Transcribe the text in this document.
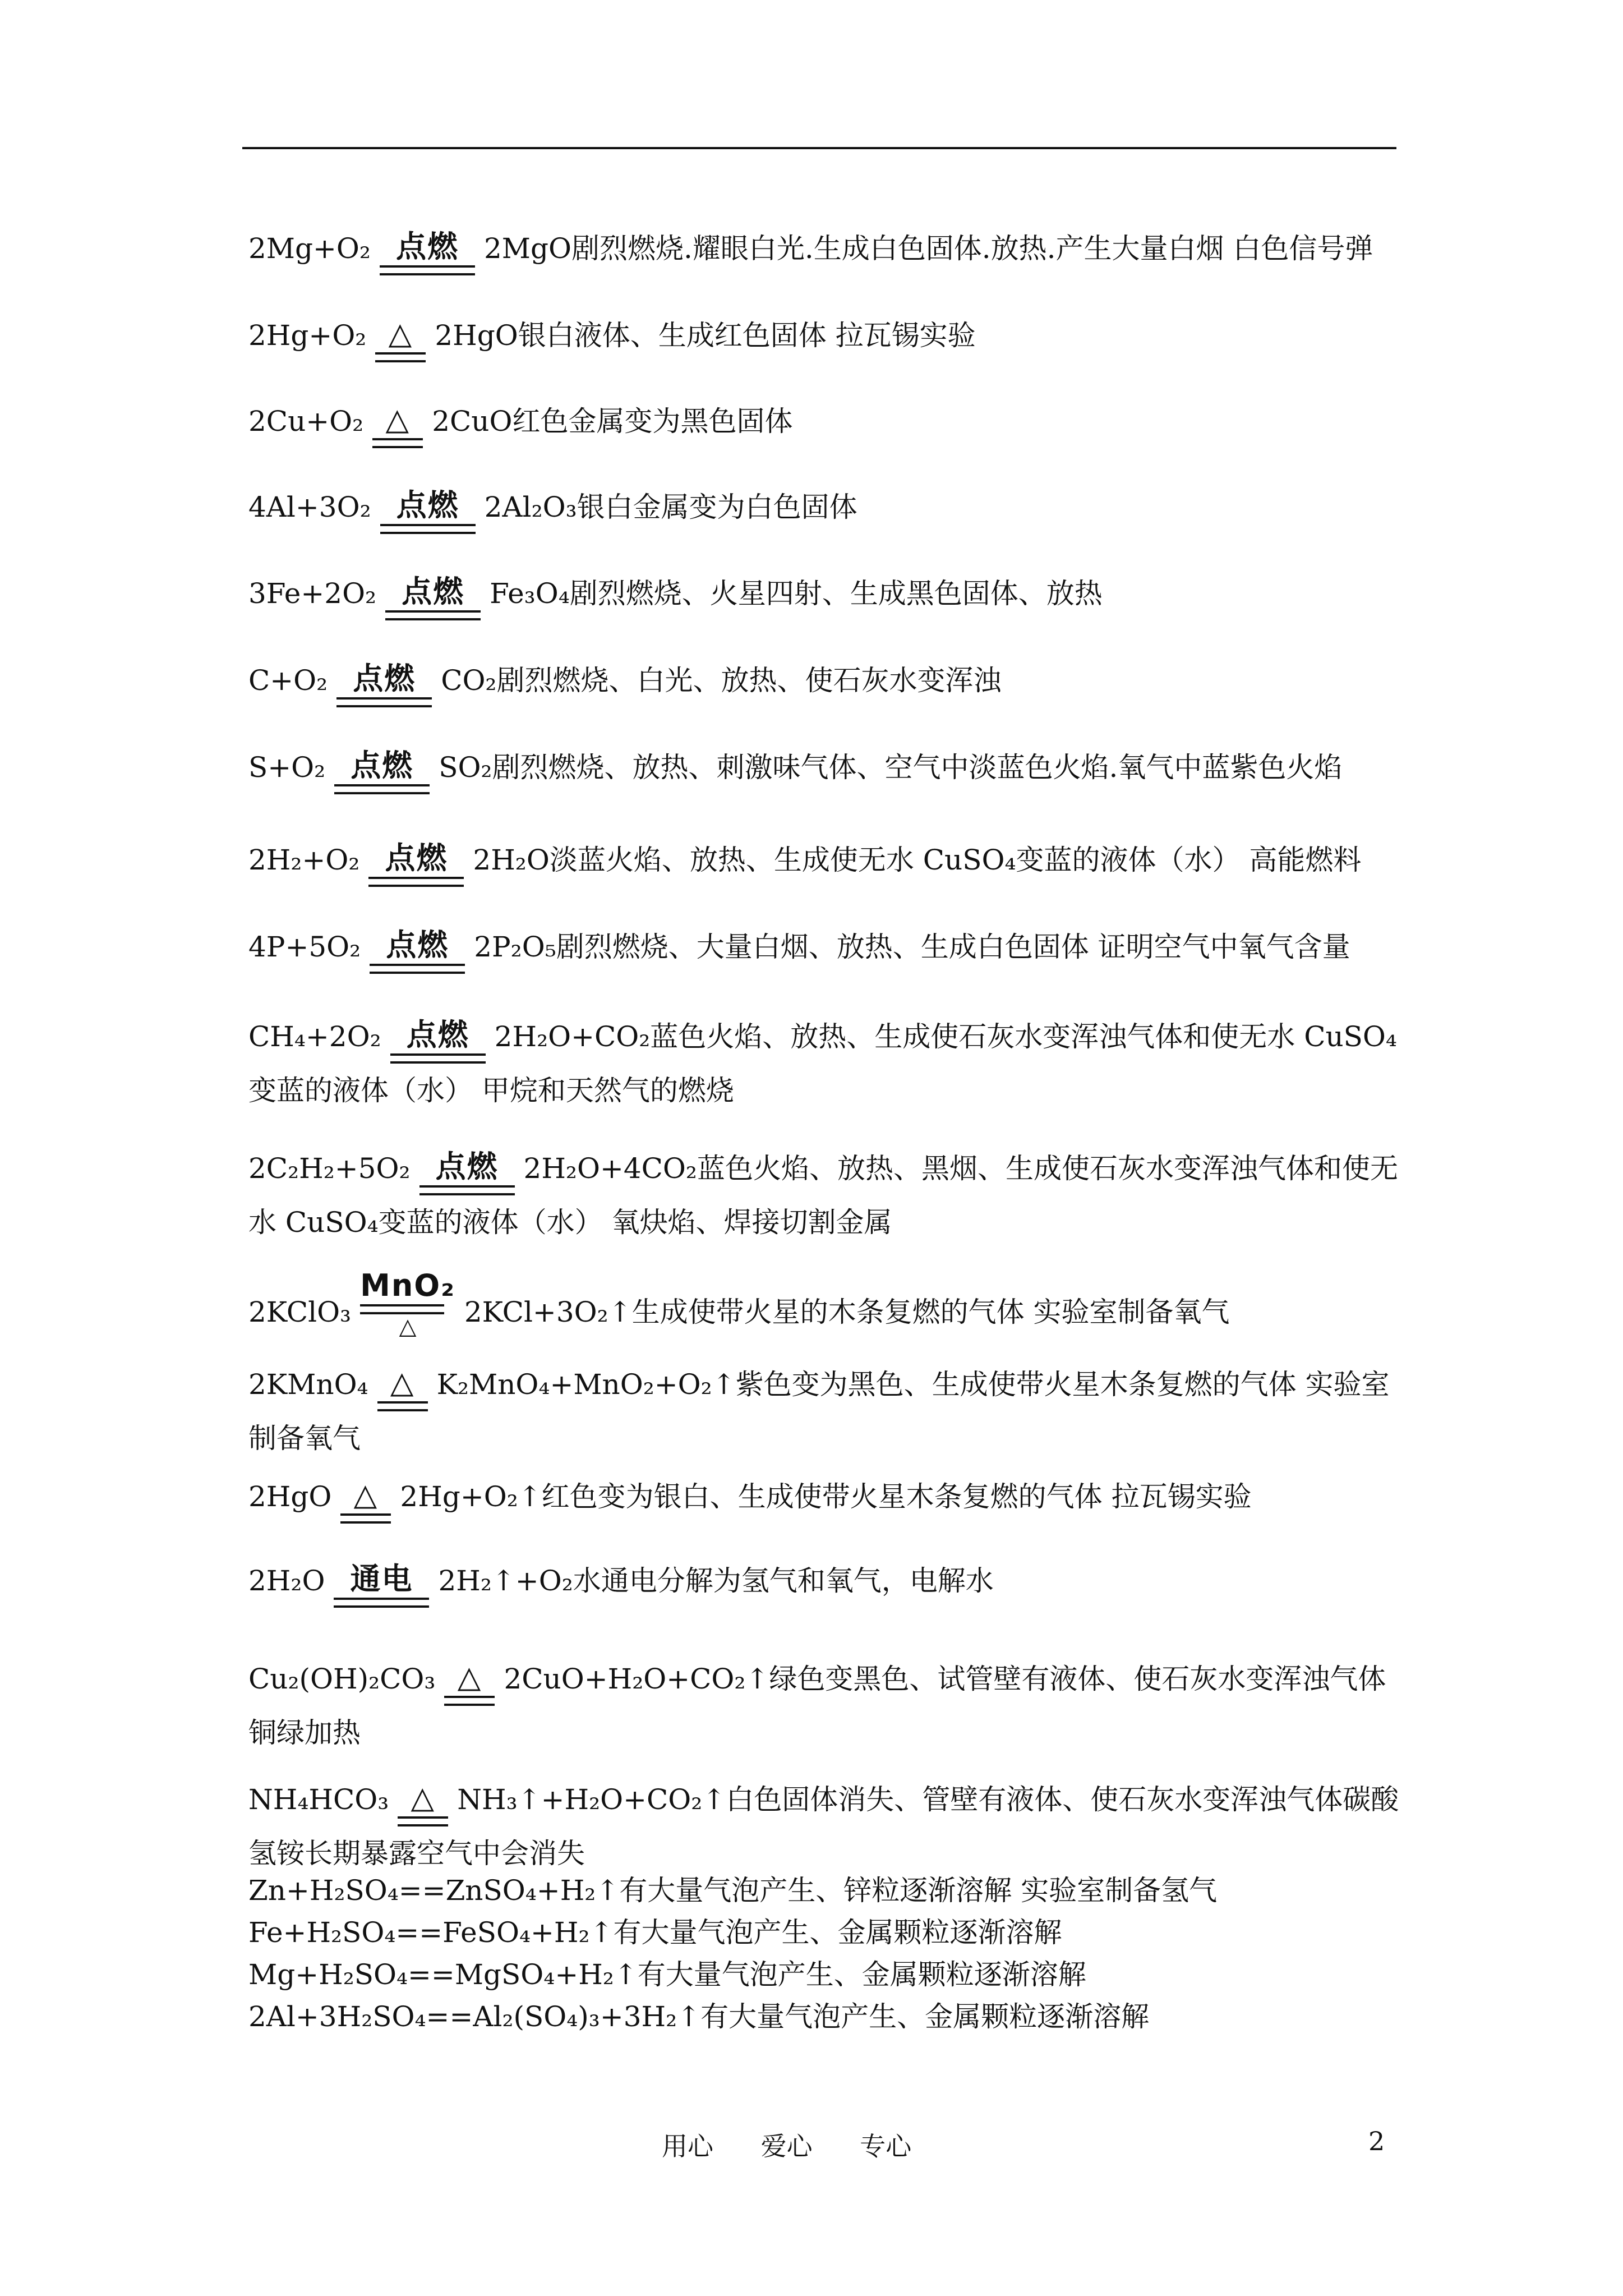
2Mg+O₂ 点燃 2MgO剧烈燃烧.耀眼白光.生成白色固体.放热.产生大量白烟 白色信号弹
2Hg+O₂ △ 2HgO银白液体、生成红色固体 拉瓦锡实验
2Cu+O₂ △ 2CuO红色金属变为黑色固体
4Al+3O₂ 点燃 2Al₂O₃银白金属变为白色固体
3Fe+2O₂ 点燃 Fe₃O₄剧烈燃烧、火星四射、生成黑色固体、放热
C+O₂ 点燃 CO₂剧烈燃烧、白光、放热、使石灰水变浑浊
S+O₂ 点燃 SO₂剧烈燃烧、放热、刺激味气体、空气中淡蓝色火焰.氧气中蓝紫色火焰
2H₂+O₂ 点燃 2H₂O淡蓝火焰、放热、生成使无水 CuSO₄变蓝的液体（水） 高能燃料
4P+5O₂ 点燃 2P₂O₅剧烈燃烧、大量白烟、放热、生成白色固体 证明空气中氧气含量
CH₄+2O₂ 点燃 2H₂O+CO₂蓝色火焰、放热、生成使石灰水变浑浊气体和使无水 CuSO₄变蓝的液体（水） 甲烷和天然气的燃烧
2C₂H₂+5O₂ 点燃 2H₂O+4CO₂蓝色火焰、放热、黑烟、生成使石灰水变浑浊气体和使无水 CuSO₄变蓝的液体（水） 氧炔焰、焊接切割金属
2KClO₃
MnO₂
△	2KCl+3O₂↑生成使带火星的木条复燃的气体 实验室制备氧气
2KMnO₄ △ K₂MnO₄+MnO₂+O₂↑紫色变为黑色、生成使带火星木条复燃的气体 实验室制备氧气
2HgO △ 2Hg+O₂↑红色变为银白、生成使带火星木条复燃的气体 拉瓦锡实验
2H₂O 通电 2H₂↑+O₂水通电分解为氢气和氧气，电解水
Cu₂(OH)₂CO₃ △ 2CuO+H₂O+CO₂↑绿色变黑色、试管壁有液体、使石灰水变浑浊气体 铜绿加热
NH₄HCO₃ △ NH₃↑+H₂O+CO₂↑白色固体消失、管壁有液体、使石灰水变浑浊气体碳酸氢铵长期暴露空气中会消失
Zn+H₂SO₄==ZnSO₄+H₂↑有大量气泡产生、锌粒逐渐溶解 实验室制备氢气
Fe+H₂SO₄==FeSO₄+H₂↑有大量气泡产生、金属颗粒逐渐溶解
Mg+H₂SO₄==MgSO₄+H₂↑有大量气泡产生、金属颗粒逐渐溶解
2Al+3H₂SO₄==Al₂(SO₄)₃+3H₂↑有大量气泡产生、金属颗粒逐渐溶解
用心 爱心 专心	2
